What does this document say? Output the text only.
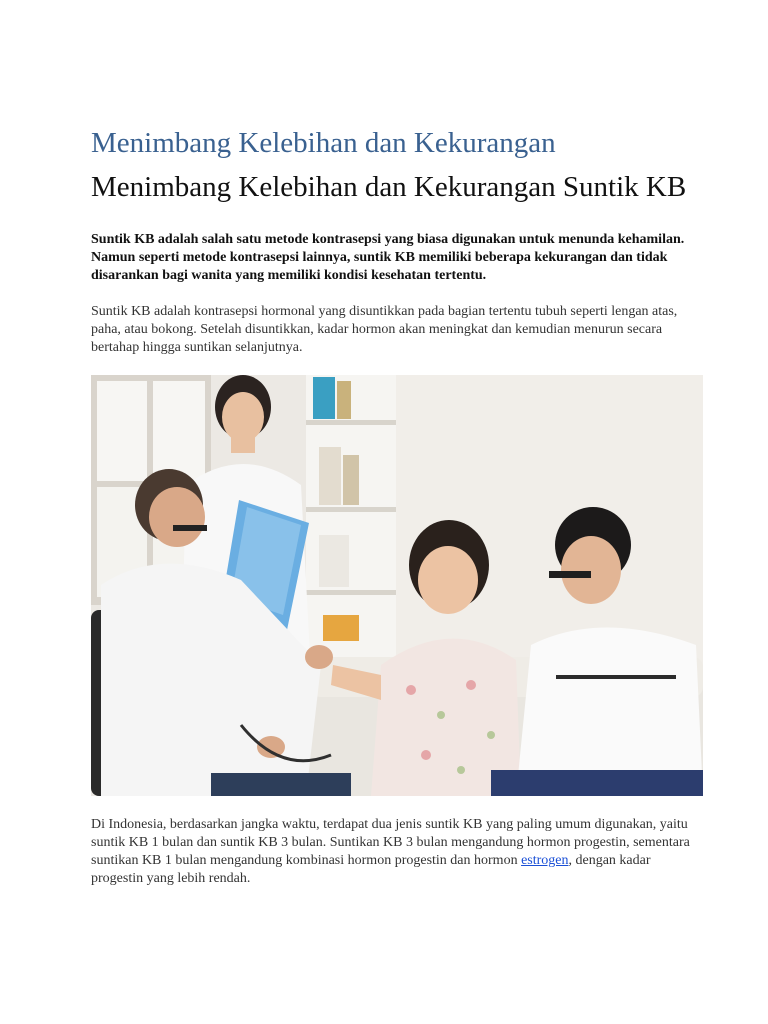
Menimbang Kelebihan dan Kekurangan
Menimbang Kelebihan dan Kekurangan Suntik KB

Suntik KB adalah salah satu metode kontrasepsi yang biasa digunakan untuk menunda kehamilan. Namun seperti metode kontrasepsi lainnya, suntik KB memiliki beberapa kekurangan dan tidak disarankan bagi wanita yang memiliki kondisi kesehatan tertentu.

Suntik KB adalah kontrasepsi hormonal yang disuntikkan pada bagian tertentu tubuh seperti lengan atas, paha, atau bokong. Setelah disuntikkan, kadar hormon akan meningkat dan kemudian menurun secara bertahap hingga suntikan selanjutnya.

Di Indonesia, berdasarkan jangka waktu, terdapat dua jenis suntik KB yang paling umum digunakan, yaitu suntik KB 1 bulan dan suntik KB 3 bulan. Suntikan KB 3 bulan mengandung hormon progestin, sementara suntikan KB 1 bulan mengandung kombinasi hormon progestin dan hormon estrogen, dengan kadar progestin yang lebih rendah.
